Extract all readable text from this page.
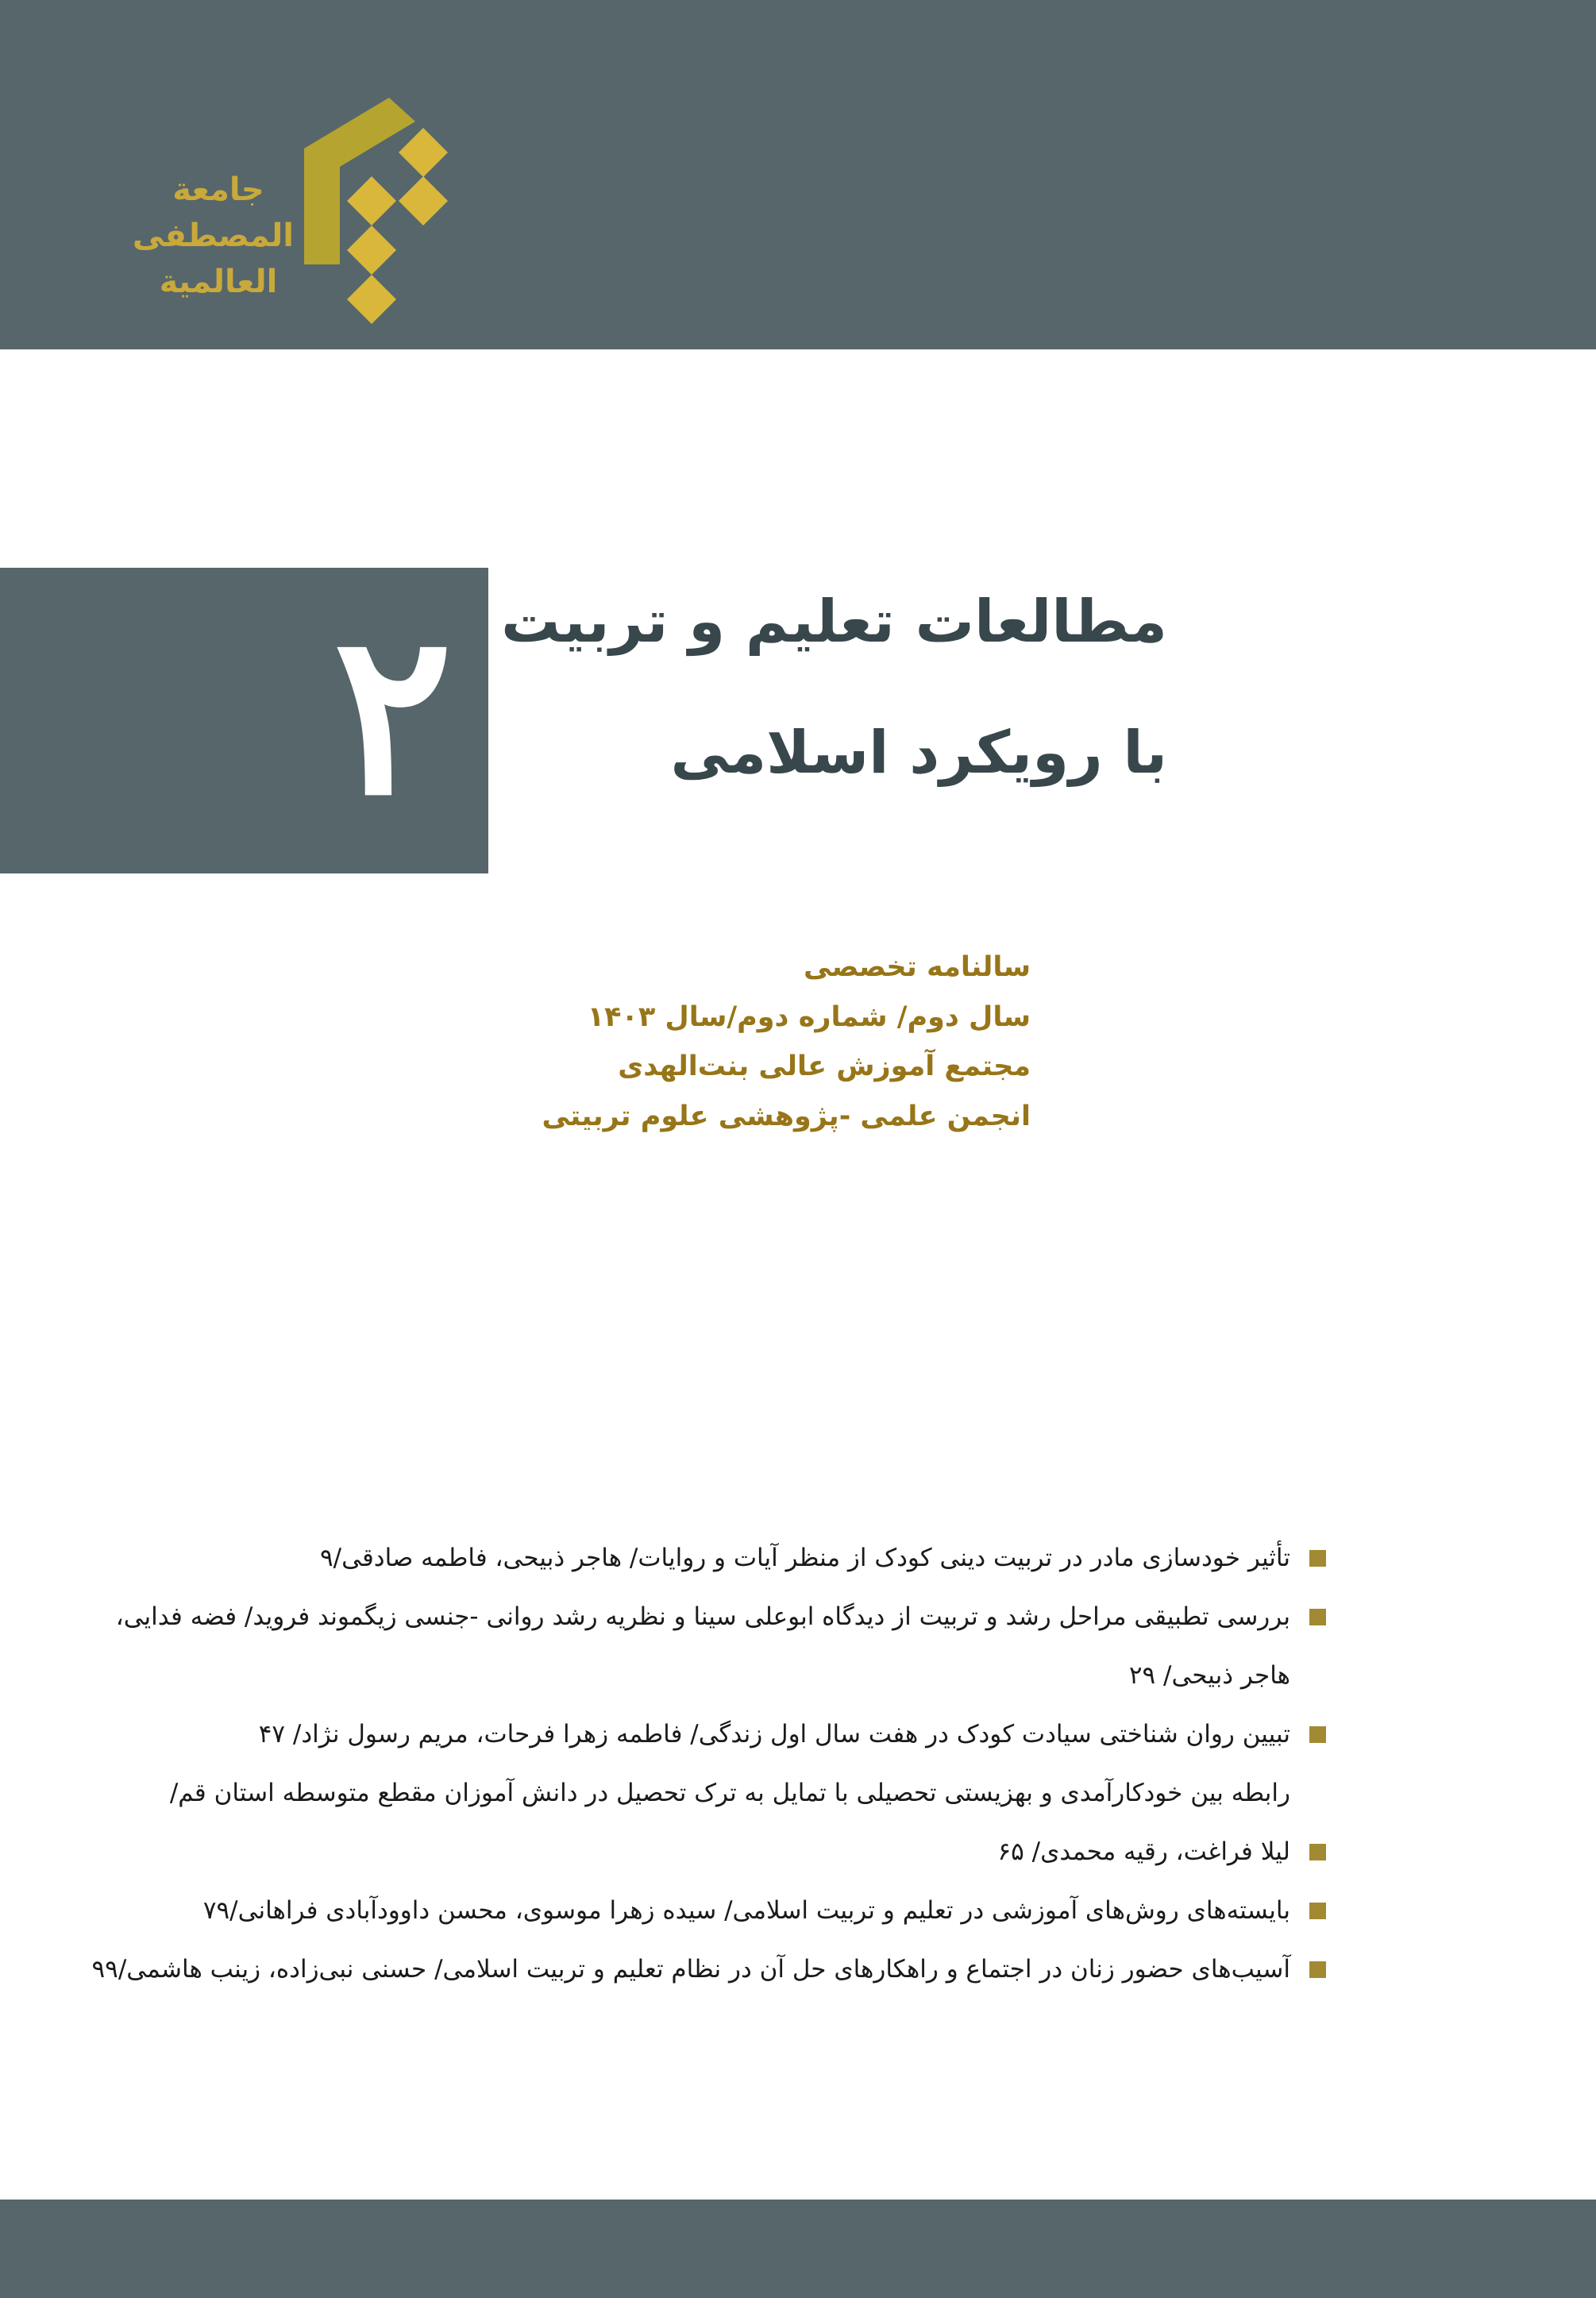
جامعة
المصطفی
العالمیة
٢ مطالعات تعلیم و تربیت
با رویکرد اسلامی
سالنامه تخصصی
سال دوم/ شماره دوم/سال ۱۴۰۳
مجتمع آموزش عالی بنت‌الهدی
انجمن علمی -پژوهشی علوم تربیتی
تأثیر خودسازی مادر در تربیت دینی کودک از منظر آیات و روایات/ هاجر ذبیحی، فاطمه صادقی/۹
بررسی تطبیقی مراحل رشد و تربیت از دیدگاه ابوعلی سینا و نظریه رشد روانی -جنسی زیگموند فروید/ فضه فدایی،
هاجر ذبیحی/ ۲۹
تبیین روان شناختی سیادت کودک در هفت سال اول زندگی/ فاطمه زهرا فرحات، مریم رسول نژاد/ ۴۷
رابطه بین خودکارآمدی و بهزیستی تحصیلی با تمایل به ترک تحصیل در دانش آموزان مقطع متوسطه استان قم/
لیلا فراغت، رقیه محمدی/ ۶۵
بایسته‌های روش‌های آموزشی در تعلیم و تربیت اسلامی/ سیده زهرا موسوی، محسن داوودآبادی فراهانی/۷۹
آسیب‌های حضور زنان در اجتماع و راهکارهای حل آن در نظام تعلیم و تربیت اسلامی/ حسنی نبی‌زاده، زینب هاشمی/۹۹
